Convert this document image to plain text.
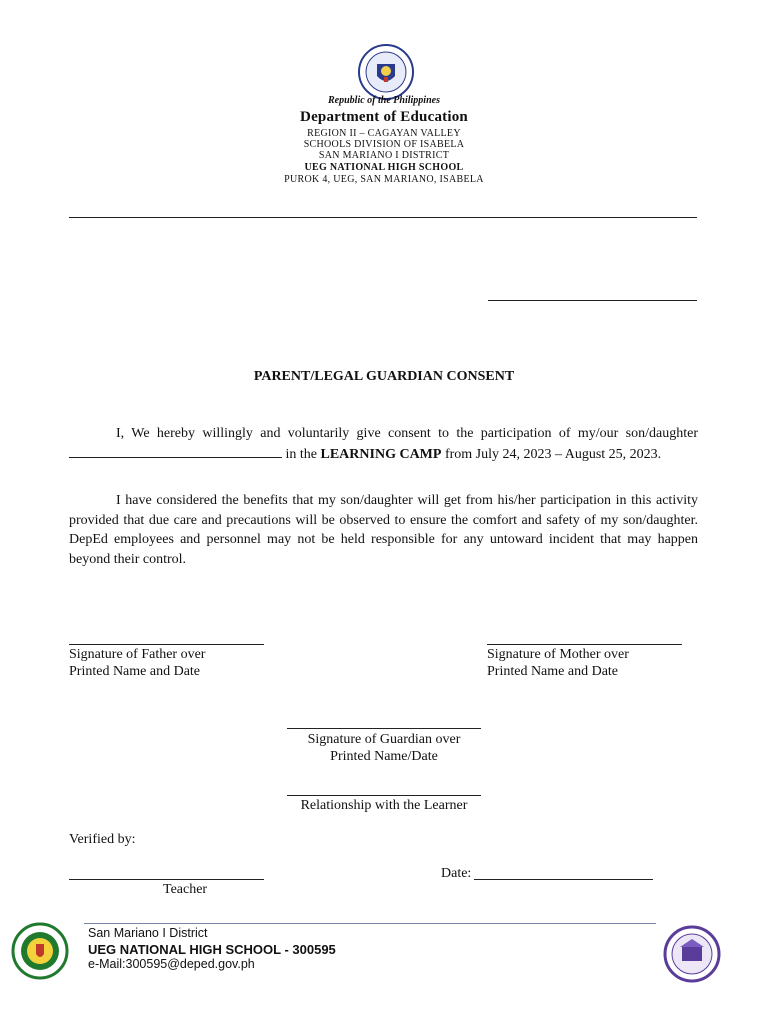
Republic of the Philippines
Department of Education
REGION II – CAGAYAN VALLEY
SCHOOLS DIVISION OF ISABELA
SAN MARIANO I DISTRICT
UEG NATIONAL HIGH SCHOOL
PUROK 4, UEG, SAN MARIANO, ISABELA
PARENT/LEGAL GUARDIAN CONSENT
I, We hereby willingly and voluntarily give consent to the participation of my/our son/daughter  in the LEARNING CAMP from July 24, 2023 – August 25, 2023.
I have considered the benefits that my son/daughter will get from his/her participation in this activity provided that due care and precautions will be observed to ensure the comfort and safety of my son/daughter. DepEd employees and personnel may not be held responsible for any untoward incident that may happen beyond their control.
Signature of Father over
Printed Name and Date
Signature of Mother over
Printed Name and Date
Signature of Guardian over
Printed Name/Date
Relationship with the Learner
Verified by:
Teacher
Date:
San Mariano I District
UEG NATIONAL HIGH SCHOOL - 300595
e-Mail:300595@deped.gov.ph
